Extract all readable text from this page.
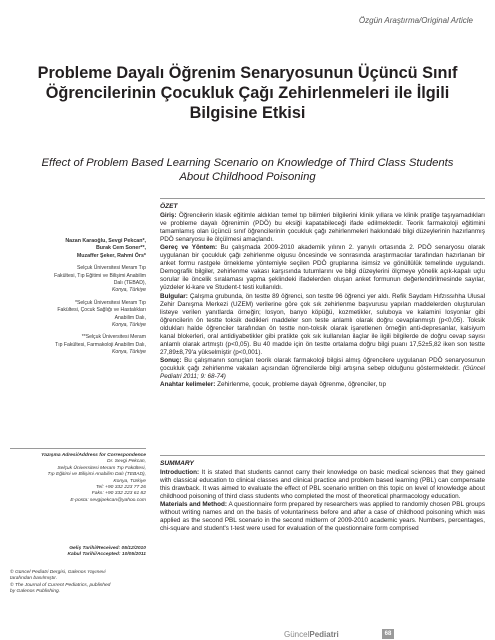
Özgün Araştırma/Original Article
Probleme Dayalı Öğrenim Senaryosunun Üçüncü Sınıf Öğrencilerinin Çocukluk Çağı Zehirlenmeleri ile İlgili Bilgisine Etkisi
Effect of Problem Based Learning Scenario on Knowledge of Third Class Students About Childhood Poisoning
Nazan Karaoğlu, Sevgi Pekcan*,
Burak Cem Soner**,
Muzaffer Şeker, Rahmi Örs*
Selçuk Üniversitesi Meram Tıp
Fakültesi, Tıp Eğitimi ve Bilişimi Anabilim
Dalı (TEBAD),
Konya, Türkiye
*Selçuk Üniversitesi Meram Tıp
Fakültesi, Çocuk Sağlığı ve Hastalıkları
Anabilim Dalı,
Konya, Türkiye
**Selçuk Üniversitesi Meram
Tıp Fakültesi, Farmakoloji Anabilim Dalı,
Konya, Türkiye
Yazışma Adresi/Address for Correspondence
Dr. Sevgi Pekcan,
Selçuk Üniversitesi Meram Tıp Fakültesi,
Tıp Eğitimi ve Bilişimi Anabilim Dalı (TEBAD),
Konya, Türkiye
Tel: +90 332 223 77 26
Faks: +90 332 223 61 82
E-posta: sevgipekcan@yahoo.com
Geliş Tarihi/Received: 05/12/2010
Kabul Tarihi/Accepted: 10/05/2011
© Güncel Pediatri Dergisi, Galenos Yayınevi
tarafından basılmıştır.
© The Journal of Current Pediatrics, published
by Galenos Publishing.
ÖZET

Giriş: Öğrencilerin klasik eğitimle aldıkları temel tıp bilimleri bilgilerini klinik yıllara ve klinik pratiğe taşıyamadıkları ve probleme dayalı öğrenimin (PDÖ) bu eksiği kapatabileceği ifade edilmektedir. Teorik farmakoloji eğitimini tamamlamış olan üçüncü sınıf öğrencilerinin çocukluk çağı zehirlenmeleri hakkındaki bilgi düzeylerinin hazırlanmış PDÖ senaryosu ile ölçülmesi amaçlandı.

Gereç ve Yöntem: Bu çalışmada 2009-2010 akademik yılının 2. yarıyılı ortasında 2. PDÖ senaryosu olarak uygulanan bir çocukluk çağı zehirlenme olgusu öncesinde ve sonrasında araştırmacılar tarafından hazırlanan bir anket formu rastgele örnekleme yöntemiyle seçilen PDÖ gruplarına isimsiz ve gönüllülük temelinde uygulandı. Demografik bilgiler, zehirlenme vakası karşısında tutumlarını ve bilgi düzeylerini ölçmeye yönelik açık-kapalı uçlu sorular ile öncelik sıralaması yapma şeklindeki ifadelerden oluşan anket formunun değerlendirilmesinde sayılar, yüzdeler ki-kare ve Student-t testi kullanıldı.

Bulgular: Çalışma grubunda, ön testte 89 öğrenci, son testte 96 öğrenci yer aldı. Refik Saydam Hıfzıssıhha Ulusal Zehir Danışma Merkezi (UZEM) verilerine göre çok sık zehirlenme başvurusu yapılan maddelerden oluşturulan listeye verilen yanıtlarda örneğin; losyon, banyo köpüğü, kozmetikler, suluboya ve kalamini losyonlar gibi öğrencilerin ön testte toksik dedikleri maddeler son teste anlamlı olarak doğru cevaplanmıştı (p<0,05). Toksik oldukları halde öğrenciler tarafından ön testte non-toksik olarak işaretlenen örneğin anti-depresanlar, kalsiyum kanal blokerleri, oral antidiyabetikler gibi pratikte çok sık kullanılan ilaçlar ile ilgili bilgilerde de doğru cevap sayısı anlamlı olarak artmıştı (p<0,05). Bu 40 madde için ön testte ortalama doğru bilgi puanı 17,52±5,82 iken son testte 27,89±8,79'a yükselmiştir (p<0,001).

Sonuç: Bu çalışmanın sonuçları teorik olarak farmakoloji bilgisi almış öğrencilere uygulanan PDÖ senaryosunun çocukluk çağı zehirlenme vakaları açısından öğrencilerde bilgi artışına sebep olduğunu göstermektedir. (Güncel Pediatri 2011; 9: 68-74)

Anahtar kelimeler: Zehirlenme, çocuk, probleme dayalı öğrenme, öğrenciler, tıp

SUMMARY

Introduction: It is stated that students cannot carry their knowledge on basic medical sciences that they gained with classical education to clinical classes and clinical practice and problem based learning (PBL) can compensate this drawback. It was aimed to evaluate the effect of PBL scenario written on this topic on level of knowledge about childhood poisoning of third class students who completed the most of theoretical pharmacology education.

Materials and Method: A questionnaire form prepared by researchers was applied to randomly chosen PBL groups without writing names and on the basis of voluntariness before and after a case of childhood poisoning which was applied as the second PBL scenario in the second midterm of 2009-2010 academic years. Numbers, percentages, chi-square and student's t-test were used for evaluation of the questionnaire form comprised

GüncelPediatri	68
